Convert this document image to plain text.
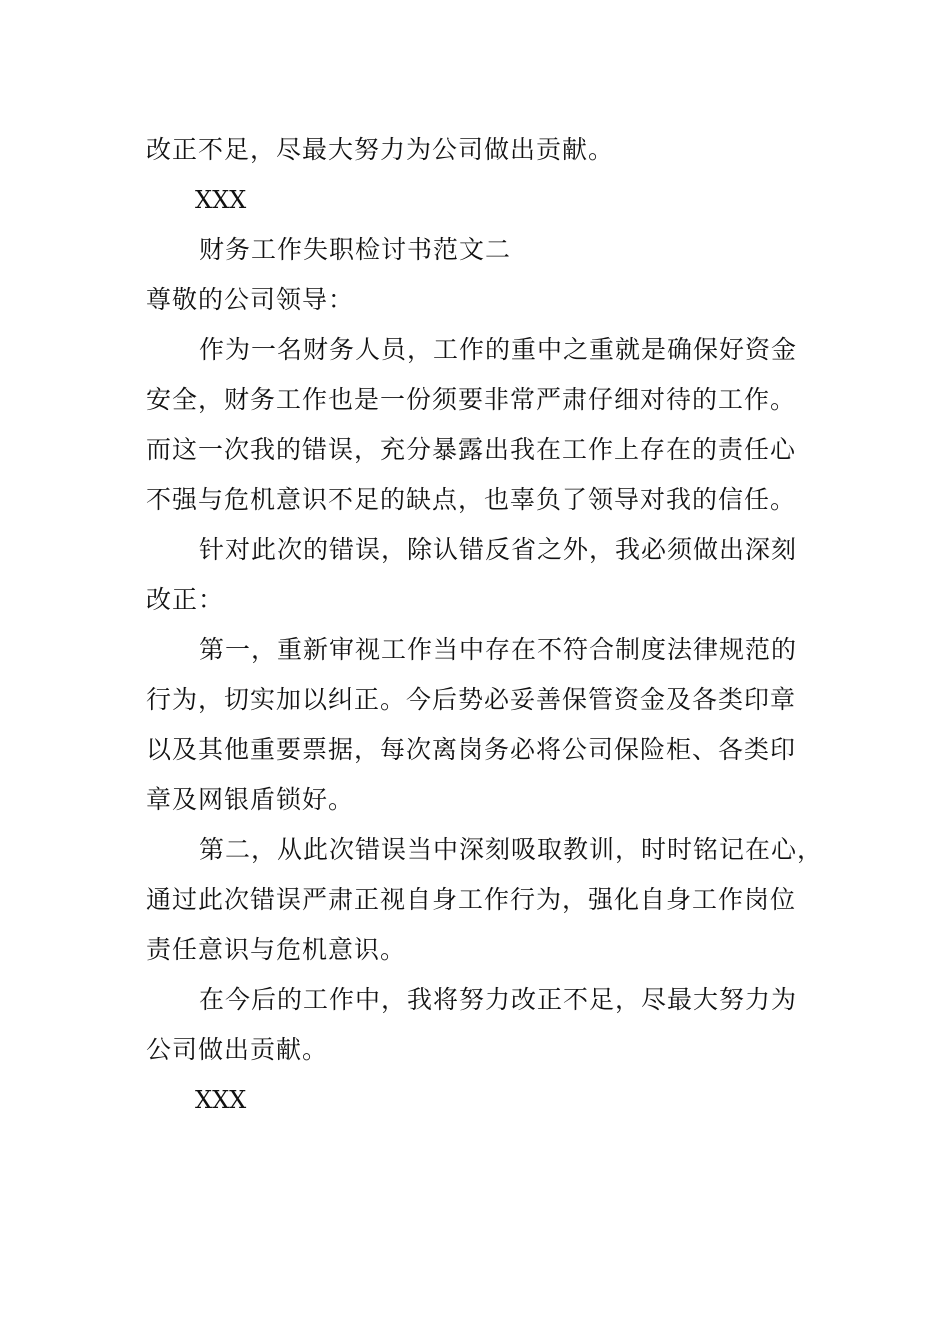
改正不足，尽最大努力为公司做出贡献。
XXX
财务工作失职检讨书范文二
尊敬的公司领导：
作为一名财务人员，工作的重中之重就是确保好资金
安全，财务工作也是一份须要非常严肃仔细对待的工作。
而这一次我的错误，充分暴露出我在工作上存在的责任心
不强与危机意识不足的缺点，也辜负了领导对我的信任。
针对此次的错误，除认错反省之外，我必须做出深刻
改正：
第一，重新审视工作当中存在不符合制度法律规范的
行为，切实加以纠正。今后势必妥善保管资金及各类印章
以及其他重要票据，每次离岗务必将公司保险柜、各类印
章及网银盾锁好。
第二，从此次错误当中深刻吸取教训，时时铭记在心，
通过此次错误严肃正视自身工作行为，强化自身工作岗位
责任意识与危机意识。
在今后的工作中，我将努力改正不足，尽最大努力为
公司做出贡献。
XXX
